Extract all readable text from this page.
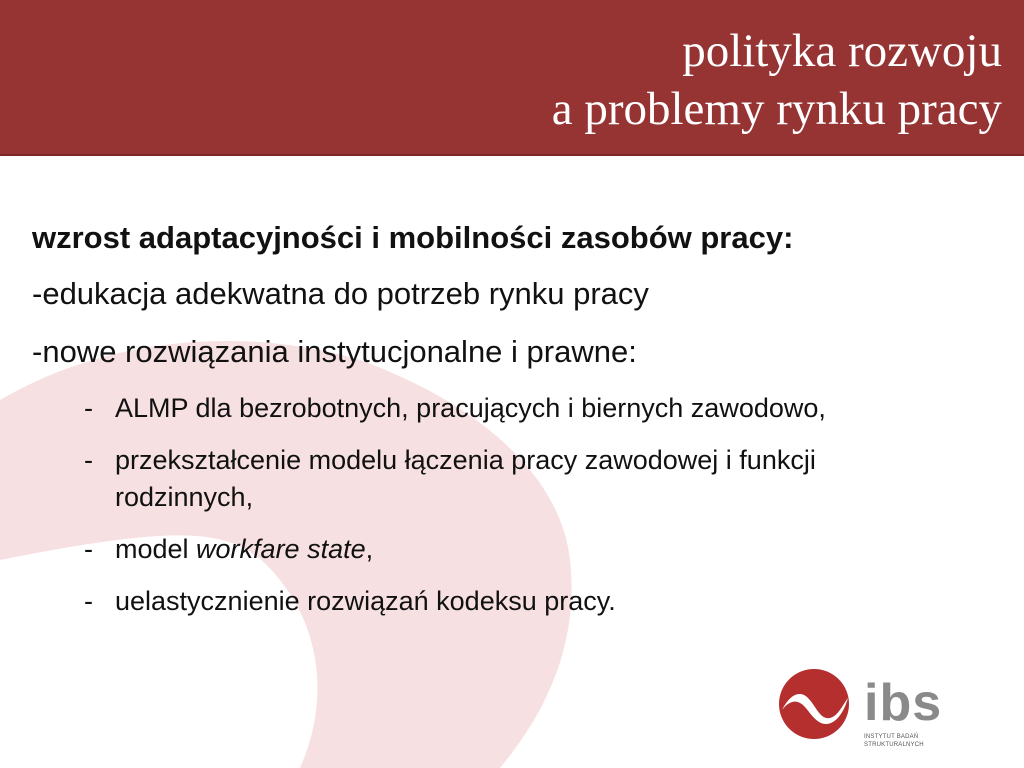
polityka rozwoju
a problemy rynku pracy
wzrost adaptacyjności i mobilności zasobów pracy:
-edukacja adekwatna do potrzeb rynku pracy
-nowe rozwiązania instytucjonalne i prawne:
- ALMP dla bezrobotnych, pracujących i biernych zawodowo,
- przekształcenie modelu łączenia pracy zawodowej i funkcji rodzinnych,
- model workfare state,
- uelastycznienie rozwiązań kodeksu pracy.
ibs
INSTYTUT BADAŃ STRUKTURALNYCH
